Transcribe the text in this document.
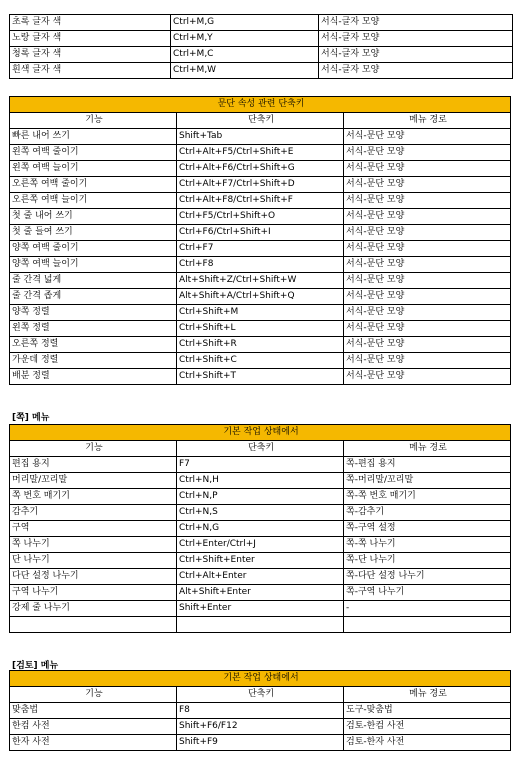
초록 글자 색	Ctrl+M,G	서식-글자 모양
노랑 글자 색	Ctrl+M,Y	서식-글자 모양
청록 글자 색	Ctrl+M,C	서식-글자 모양
흰색 글자 색	Ctrl+M,W	서식-글자 모양
문단 속성 관련 단축키		
기능	단축키	메뉴 경로
빠른 내어 쓰기	Shift+Tab	서식-문단 모양
왼쪽 여백 줄이기	Ctrl+Alt+F5/Ctrl+Shift+E	서식-문단 모양
왼쪽 여백 늘이기	Ctrl+Alt+F6/Ctrl+Shift+G	서식-문단 모양
오른쪽 여백 줄이기	Ctrl+Alt+F7/Ctrl+Shift+D	서식-문단 모양
오른쪽 여백 늘이기	Ctrl+Alt+F8/Ctrl+Shift+F	서식-문단 모양
첫 줄 내어 쓰기	Ctrl+F5/Ctrl+Shift+O	서식-문단 모양
첫 줄 들여 쓰기	Ctrl+F6/Ctrl+Shift+I	서식-문단 모양
양쪽 여백 줄이기	Ctrl+F7	서식-문단 모양
양쪽 여백 늘이기	Ctrl+F8	서식-문단 모양
줄 간격 넓게	Alt+Shift+Z/Ctrl+Shift+W	서식-문단 모양
줄 간격 좁게	Alt+Shift+A/Ctrl+Shift+Q	서식-문단 모양
양쪽 정렬	Ctrl+Shift+M	서식-문단 모양
왼쪽 정렬	Ctrl+Shift+L	서식-문단 모양
오른쪽 정렬	Ctrl+Shift+R	서식-문단 모양
가운데 정렬	Ctrl+Shift+C	서식-문단 모양
배분 정렬	Ctrl+Shift+T	서식-문단 모양
[쪽] 메뉴
기본 작업 상태에서		
기능	단축키	메뉴 경로
편집 용지	F7	쪽-편집 용지
머리말/꼬리말	Ctrl+N,H	쪽-머리말/꼬리말
쪽 번호 매기기	Ctrl+N,P	쪽-쪽 번호 매기기
감추기	Ctrl+N,S	쪽-감추기
구역	Ctrl+N,G	쪽-구역 설정
쪽 나누기	Ctrl+Enter/Ctrl+J	쪽-쪽 나누기
단 나누기	Ctrl+Shift+Enter	쪽-단 나누기
다단 설정 나누기	Ctrl+Alt+Enter	쪽-다단 설정 나누기
구역 나누기	Alt+Shift+Enter	쪽-구역 나누기
강제 줄 나누기	Shift+Enter	-

[검토] 메뉴
기본 작업 상태에서		
기능	단축키	메뉴 경로
맞춤법	F8	도구-맞춤법
한컴 사전	Shift+F6/F12	검토-한컴 사전
한자 사전	Shift+F9	검토-한자 사전
